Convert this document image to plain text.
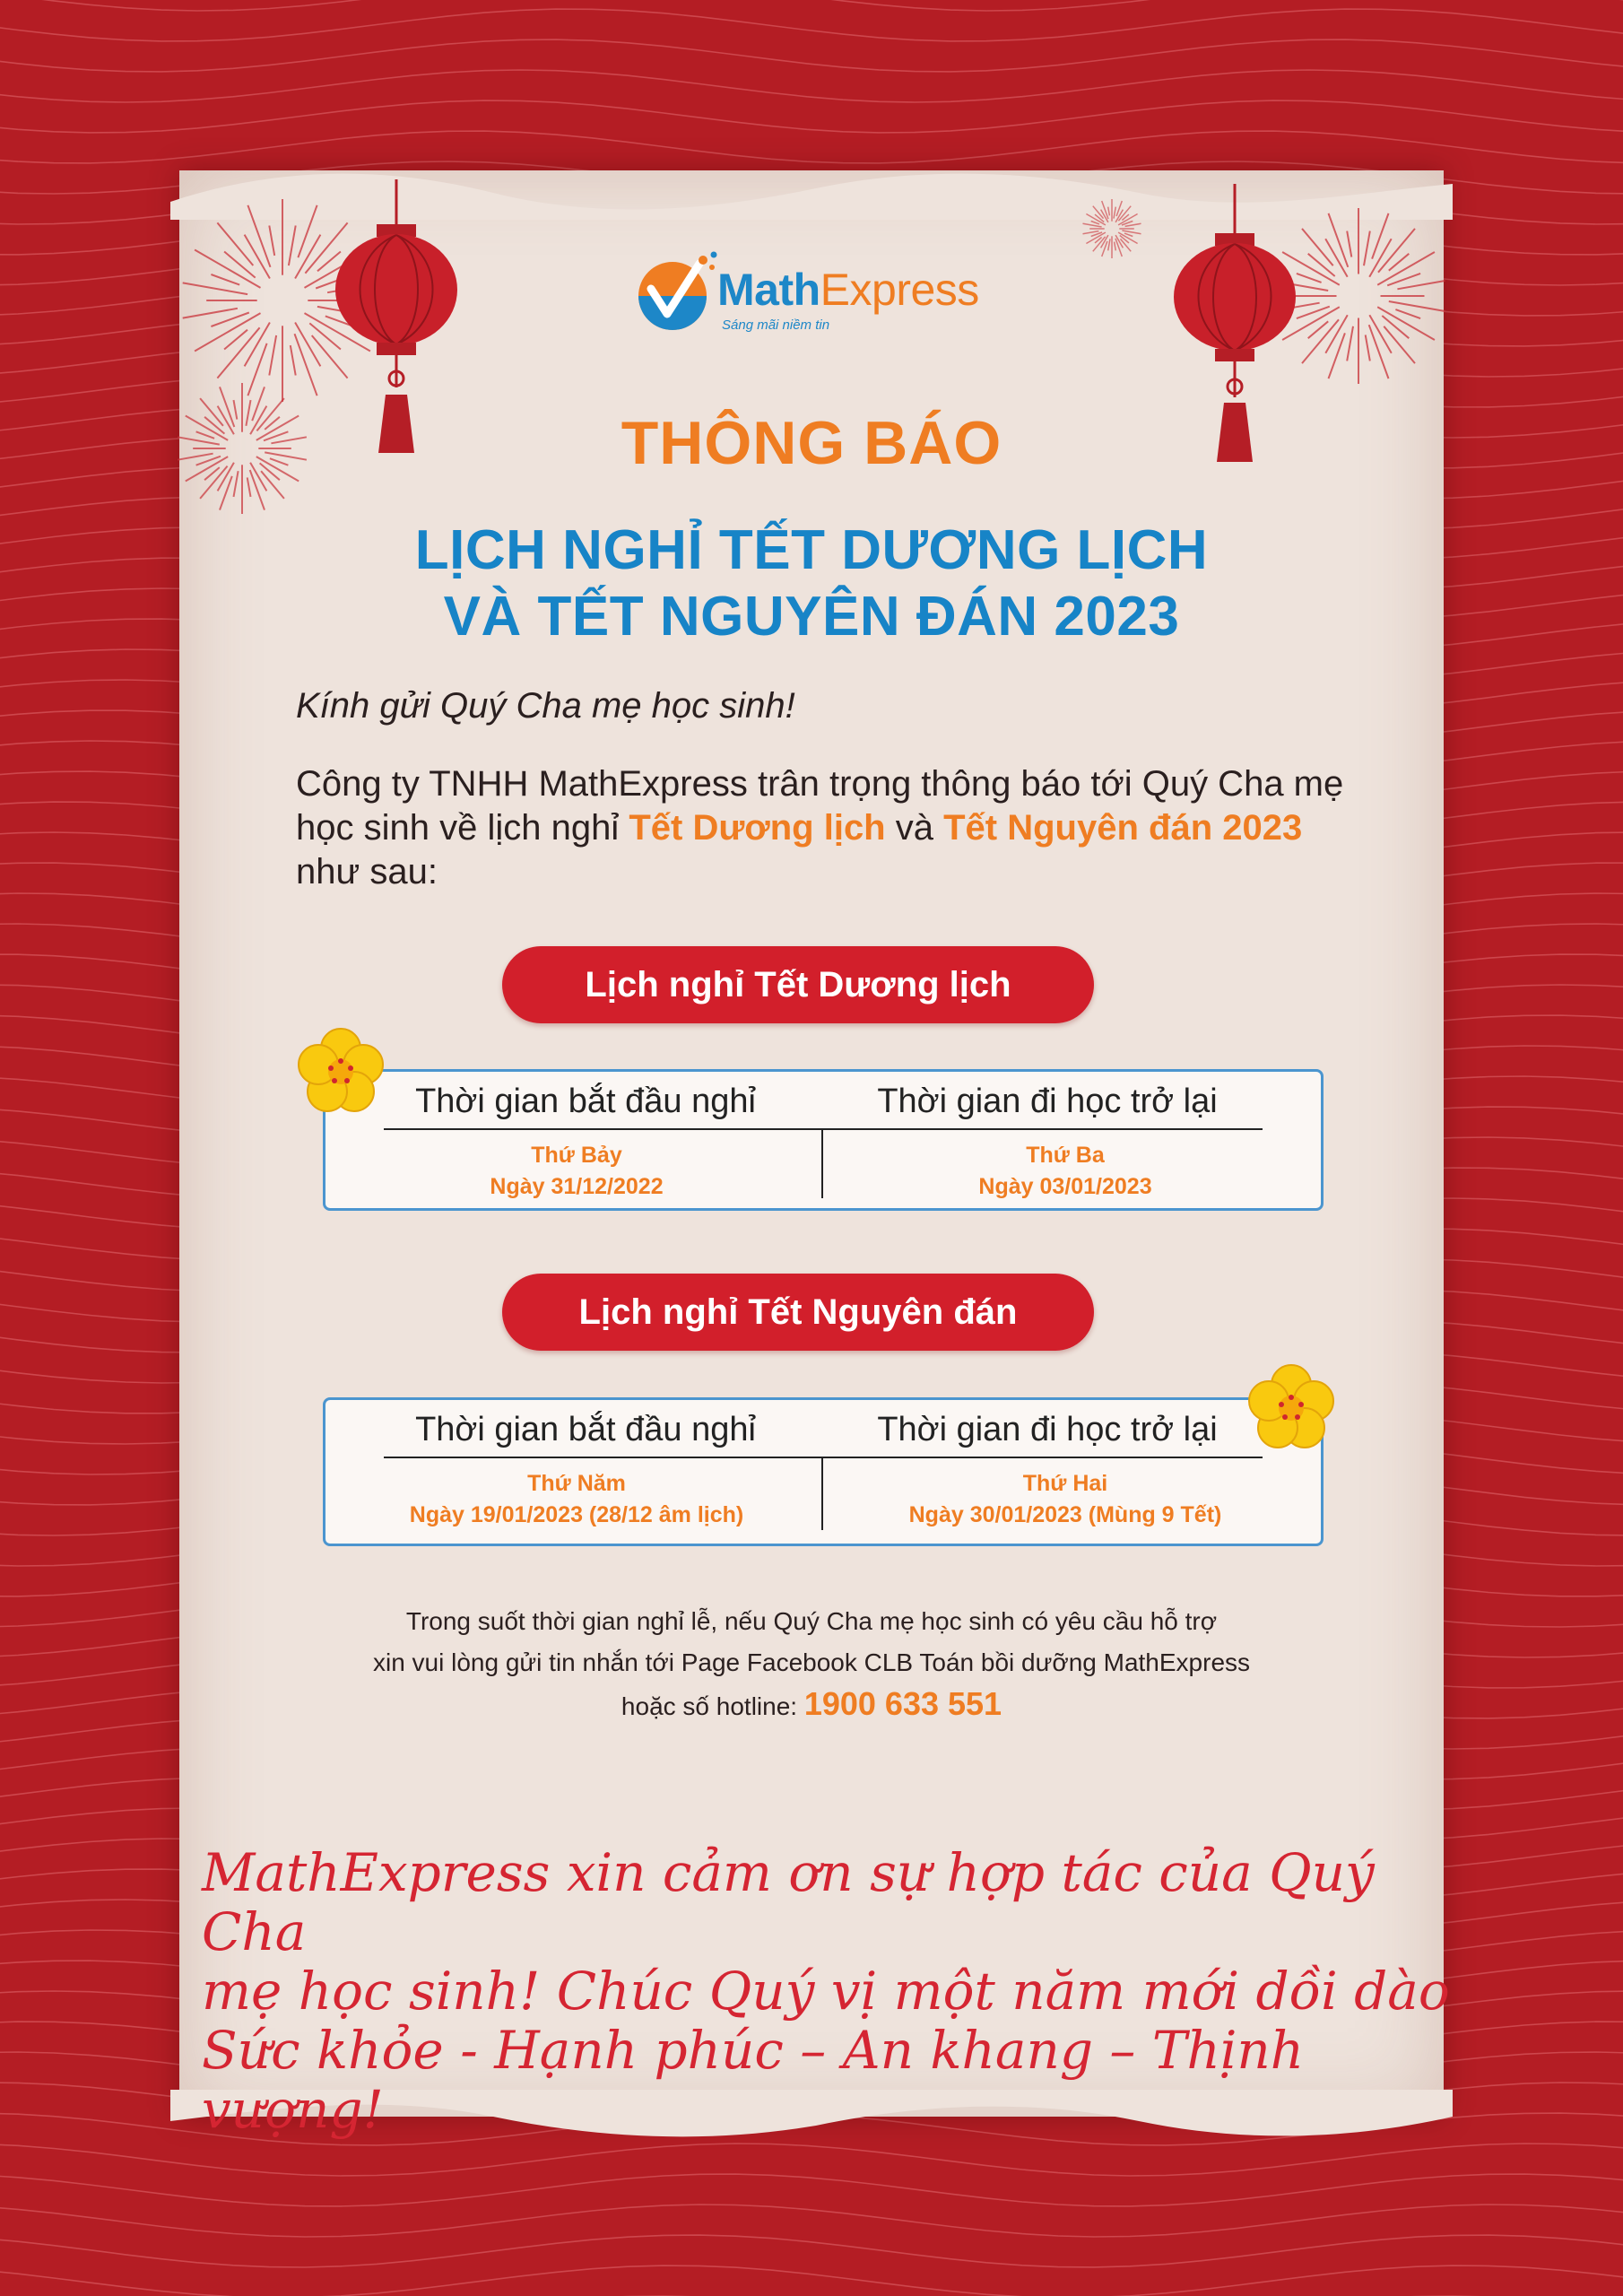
MathExpress
Sáng mãi niềm tin
THÔNG BÁO
LỊCH NGHỈ TẾT DƯƠNG LỊCH
VÀ TẾT NGUYÊN ĐÁN 2023
Kính gửi Quý Cha mẹ học sinh!
Công ty TNHH MathExpress trân trọng thông báo tới Quý Cha mẹ học sinh về lịch nghỉ Tết Dương lịch và Tết Nguyên đán 2023 như sau:
Lịch nghỉ Tết Dương lịch
Thời gian bắt đầu nghỉ	Thời gian đi học trở lại
Thứ Bảy
Ngày 31/12/2022
Thứ Ba
Ngày 03/01/2023
Lịch nghỉ Tết Nguyên đán
Thời gian bắt đầu nghỉ	Thời gian đi học trở lại
Thứ Năm
Ngày 19/01/2023 (28/12 âm lịch)
Thứ Hai
Ngày 30/01/2023 (Mùng 9 Tết)
Trong suốt thời gian nghỉ lễ, nếu Quý Cha mẹ học sinh có yêu cầu hỗ trợ
xin vui lòng gửi tin nhắn tới Page Facebook CLB Toán bồi dưỡng MathExpress
hoặc số hotline: 1900 633 551
MathExpress xin cảm ơn sự hợp tác của Quý Cha
mẹ học sinh! Chúc Quý vị một năm mới dồi dào
Sức khỏe - Hạnh phúc – An khang – Thịnh vượng!
